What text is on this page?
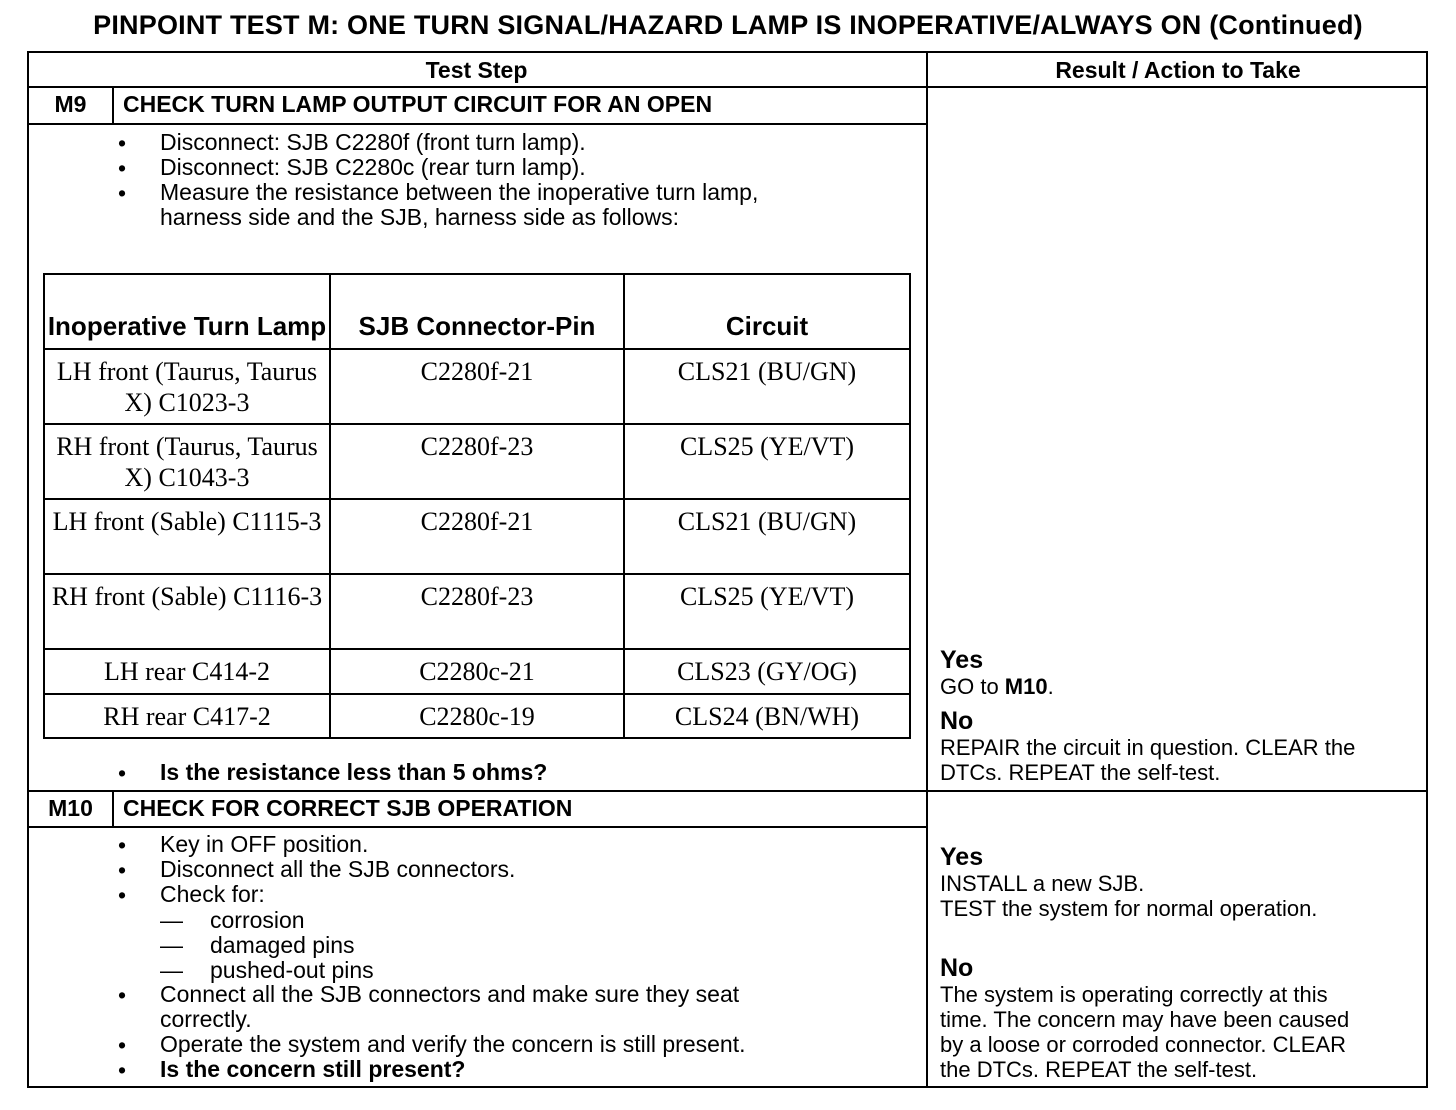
PINPOINT TEST M: ONE TURN SIGNAL/HAZARD LAMP IS INOPERATIVE/ALWAYS ON (Continued)
Test Step	Result / Action to Take
M9	CHECK TURN LAMP OUTPUT CIRCUIT FOR AN OPEN
• Disconnect: SJB C2280f (front turn lamp).
• Disconnect: SJB C2280c (rear turn lamp).
• Measure the resistance between the inoperative turn lamp,
harness side and the SJB, harness side as follows:
Inoperative Turn Lamp	SJB Connector-Pin	Circuit
LH front (Taurus, Taurus X) C1023-3	C2280f-21	CLS21 (BU/GN)
RH front (Taurus, Taurus X) C1043-3	C2280f-23	CLS25 (YE/VT)
LH front (Sable) C1115-3	C2280f-21	CLS21 (BU/GN)
RH front (Sable) C1116-3	C2280f-23	CLS25 (YE/VT)
LH rear C414-2	C2280c-21	CLS23 (GY/OG)
RH rear C417-2	C2280c-19	CLS24 (BN/WH)
• Is the resistance less than 5 ohms?
Yes
GO to M10.
No
REPAIR the circuit in question. CLEAR the
DTCs. REPEAT the self-test.
M10	CHECK FOR CORRECT SJB OPERATION
• Key in OFF position.
• Disconnect all the SJB connectors.
• Check for:
— corrosion
— damaged pins
— pushed-out pins
• Connect all the SJB connectors and make sure they seat
correctly.
• Operate the system and verify the concern is still present.
• Is the concern still present?
Yes
INSTALL a new SJB.
TEST the system for normal operation.
No
The system is operating correctly at this
time. The concern may have been caused
by a loose or corroded connector. CLEAR
the DTCs. REPEAT the self-test.
